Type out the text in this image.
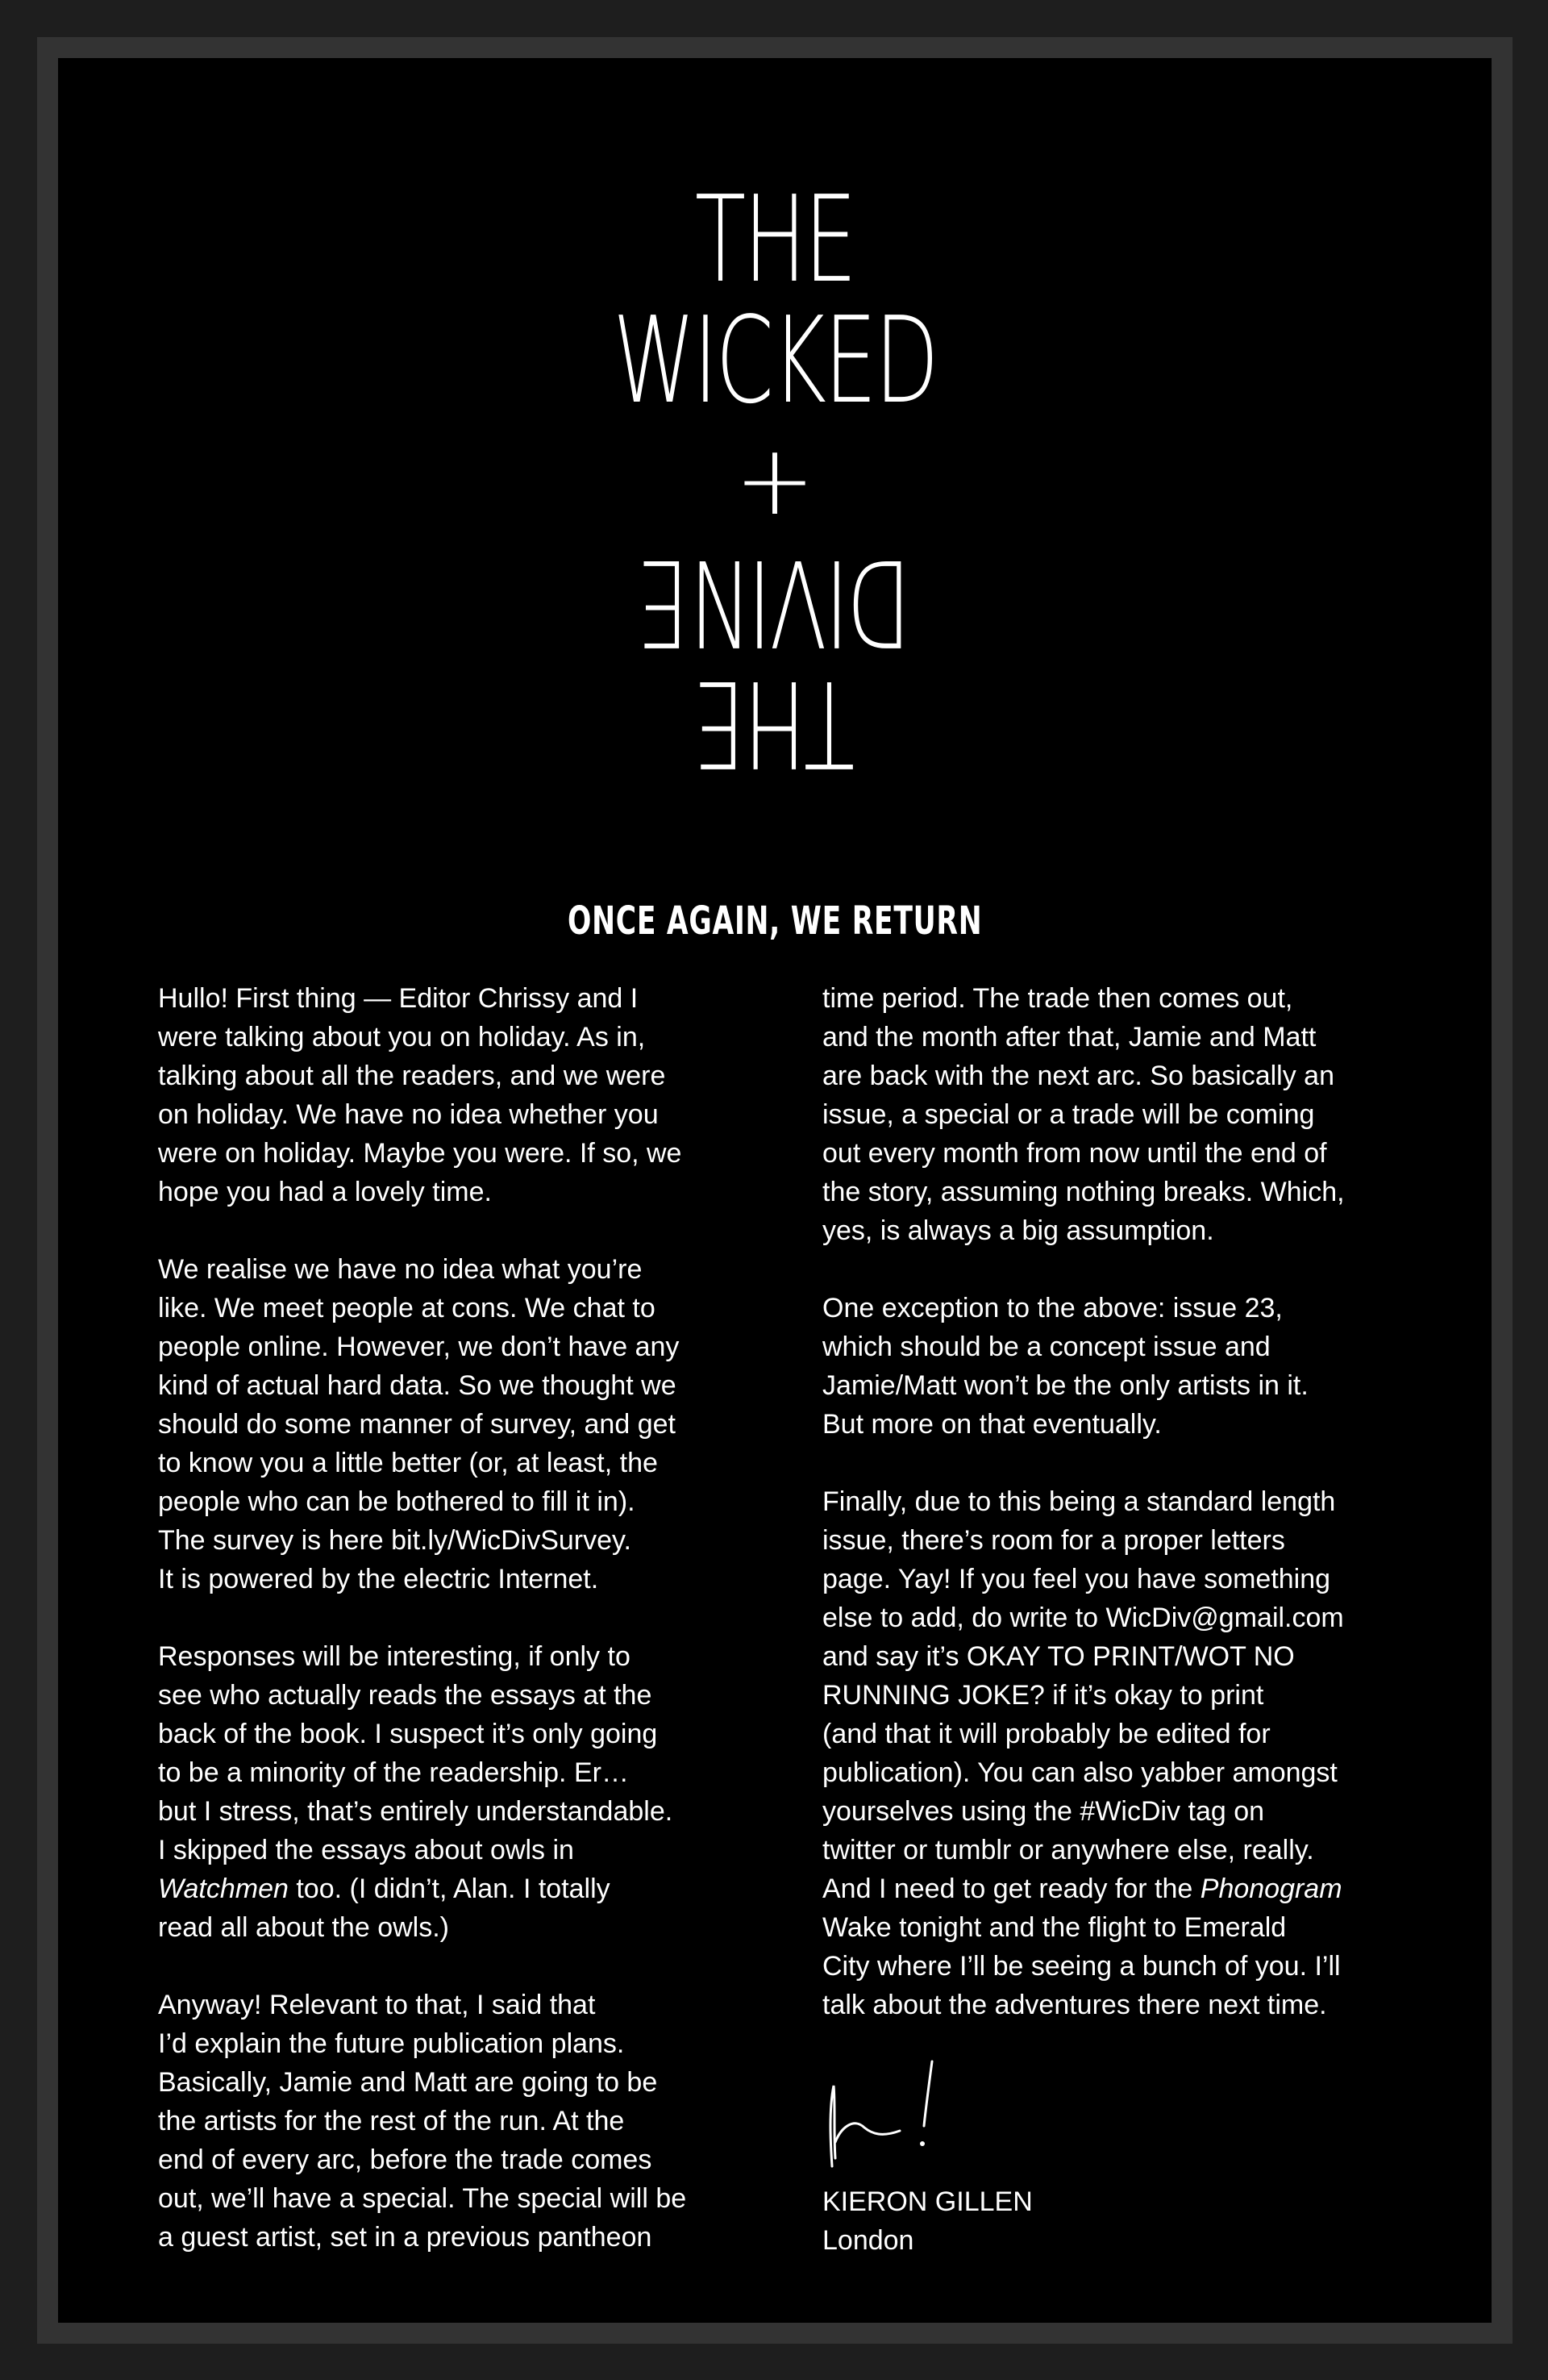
THE
WICKED
+
DIVINE
THE
ONCE AGAIN, WE RETURN

Hullo! First thing — Editor Chrissy and I
were talking about you on holiday. As in,
talking about all the readers, and we were
on holiday. We have no idea whether you
were on holiday. Maybe you were. If so, we
hope you had a lovely time.

We realise we have no idea what you’re
like. We meet people at cons. We chat to
people online. However, we don’t have any
kind of actual hard data. So we thought we
should do some manner of survey, and get
to know you a little better (or, at least, the
people who can be bothered to fill it in).
The survey is here bit.ly/WicDivSurvey.
It is powered by the electric Internet.

Responses will be interesting, if only to
see who actually reads the essays at the
back of the book. I suspect it’s only going
to be a minority of the readership. Er…
but I stress, that’s entirely understandable.
I skipped the essays about owls in
Watchmen too. (I didn’t, Alan. I totally
read all about the owls.)

Anyway! Relevant to that, I said that
I’d explain the future publication plans.
Basically, Jamie and Matt are going to be
the artists for the rest of the run. At the
end of every arc, before the trade comes
out, we’ll have a special. The special will be
a guest artist, set in a previous pantheon

time period. The trade then comes out,
and the month after that, Jamie and Matt
are back with the next arc. So basically an
issue, a special or a trade will be coming
out every month from now until the end of
the story, assuming nothing breaks. Which,
yes, is always a big assumption.

One exception to the above: issue 23,
which should be a concept issue and
Jamie/Matt won’t be the only artists in it.
But more on that eventually.

Finally, due to this being a standard length
issue, there’s room for a proper letters
page. Yay! If you feel you have something
else to add, do write to WicDiv@gmail.com
and say it’s OKAY TO PRINT/WOT NO
RUNNING JOKE? if it’s okay to print
(and that it will probably be edited for
publication). You can also yabber amongst
yourselves using the #WicDiv tag on
twitter or tumblr or anywhere else, really.
And I need to get ready for the Phonogram
Wake tonight and the flight to Emerald
City where I’ll be seeing a bunch of you. I’ll
talk about the adventures there next time.

KIERON GILLEN
London
